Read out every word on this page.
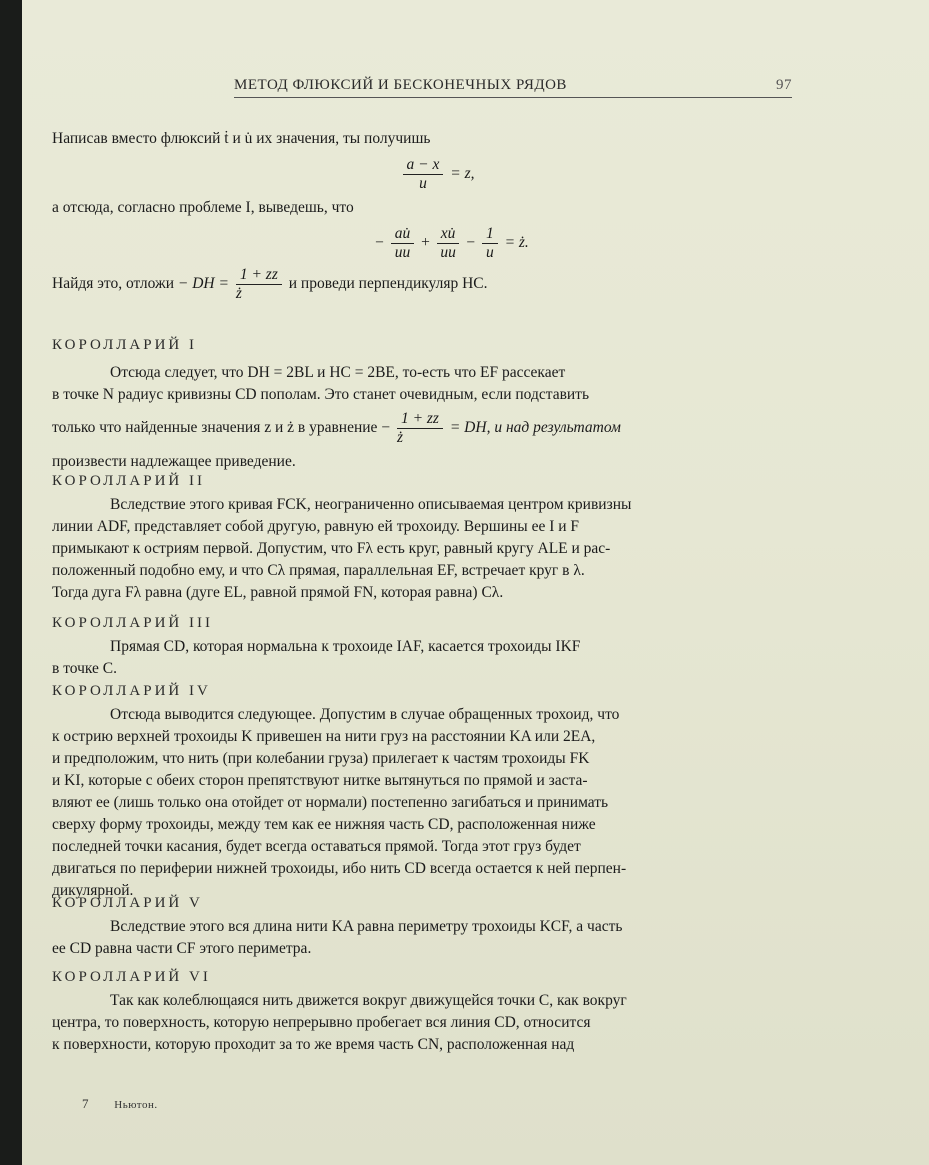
МЕТОД ФЛЮКСИЙ И БЕСКОНЕЧНЫХ РЯДОВ	97

Написав вместо флюксий ṫ и u̇ их значения, ты получишь

$\frac{a - x}{u} = z$,

а отсюда, согласно проблеме I, выведешь, что

− $\frac{au̇}{uu} + \frac{xu̇}{uu} - \frac{1}{u}$ = ż.

Найдя это, отложи − DH = $\frac{1 + zz}{ż}$ и проведи перпендикуляр HC.

КОРОЛЛАРИЙ I

Отсюда следует, что DH = 2BL и HC = 2BE, то-есть что EF рассекает

в точке N радиус кривизны CD пополам. Это станет очевидным, если подставить

только что найденные значения z и ż в уравнение − $\frac{1 + zz}{ż}$ = DH, и над результатом

произвести надлежащее приведение.

КОРОЛЛАРИЙ II

Вследствие этого кривая FCK, неограниченно описываемая центром кривизны

линии ADF, представляет собой другую, равную ей трохоиду. Вершины ее I и F

примыкают к остриям первой. Допустим, что Fλ есть круг, равный кругу ALE и рас-

положенный подобно ему, и что Cλ прямая, параллельная EF, встречает круг в λ.

Тогда дуга Fλ равна (дуге EL, равной прямой FN, которая равна) Cλ.

КОРОЛЛАРИЙ III

Прямая CD, которая нормальна к трохоиде IAF, касается трохоиды IKF

в точке C.

КОРОЛЛАРИЙ IV

Отсюда выводится следующее. Допустим в случае обращенных трохоид, что

к острию верхней трохоиды K привешен на нити груз на расстоянии KA или 2EA,

и предположим, что нить (при колебании груза) прилегает к частям трохоиды FK

и KI, которые с обеих сторон препятствуют нитке вытянуться по прямой и заста-

вляют ее (лишь только она отойдет от нормали) постепенно загибаться и принимать

сверху форму трохоиды, между тем как ее нижняя часть CD, расположенная ниже

последней точки касания, будет всегда оставаться прямой. Тогда этот груз будет

двигаться по периферии нижней трохоиды, ибо нить CD всегда остается к ней перпен-

дикулярной.

КОРОЛЛАРИЙ V

Вследствие этого вся длина нити KA равна периметру трохоиды KCF, а часть

ее CD равна части CF этого периметра.

КОРОЛЛАРИЙ VI

Так как колеблющаяся нить движется вокруг движущейся точки C, как вокруг

центра, то поверхность, которую непрерывно пробегает вся линия CD, относится

к поверхности, которую проходит за то же время часть CN, расположенная над

7 Ньютон.
